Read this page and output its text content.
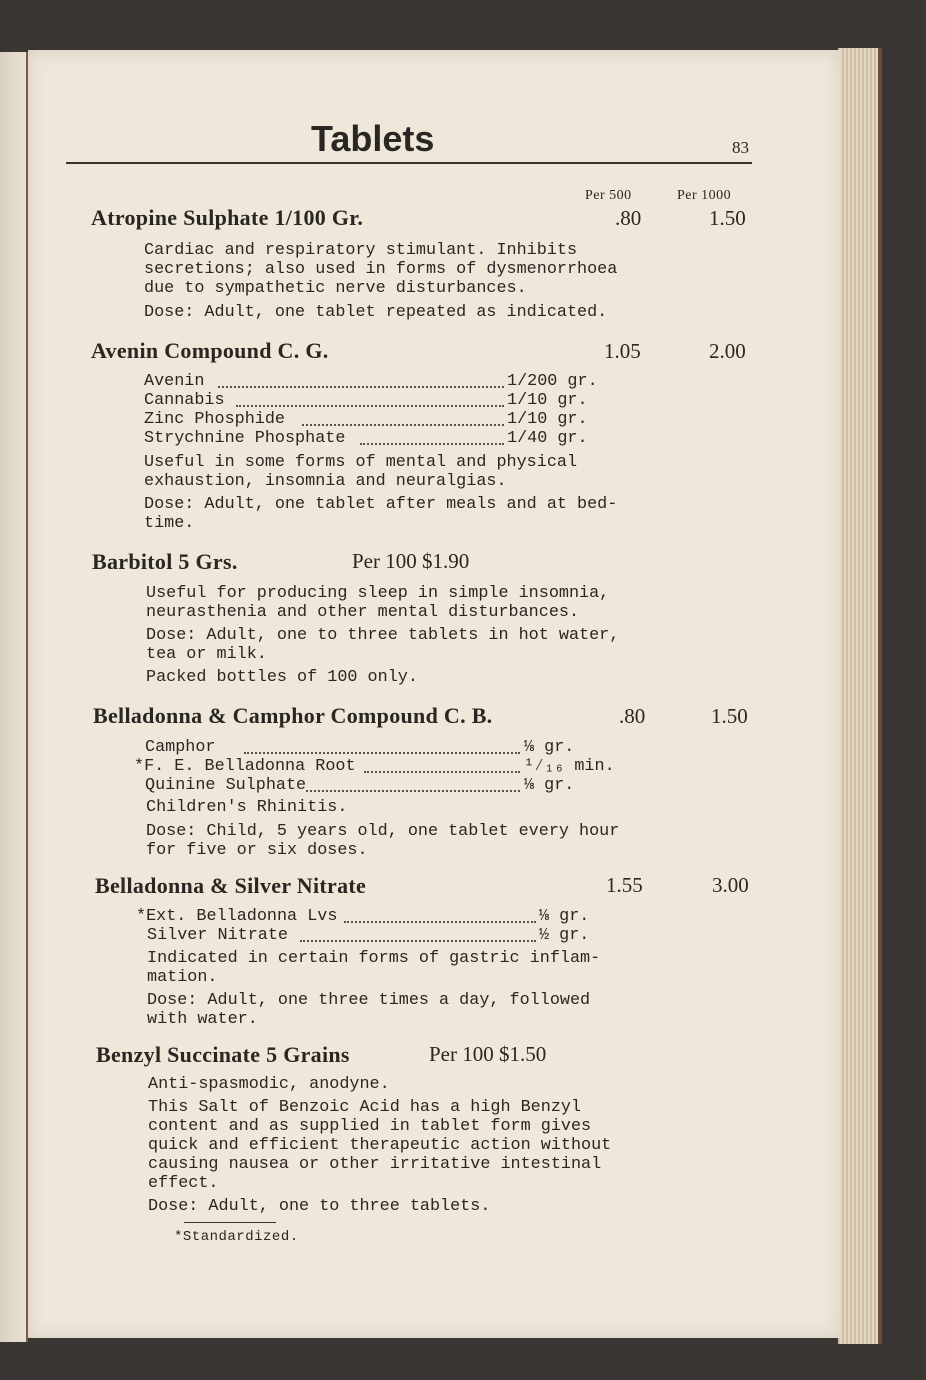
Tablets	83
Per 500	Per 1000
Atropine Sulphate 1/100 Gr.	.80	1.50
Cardiac and respiratory stimulant. Inhibits
secretions; also used in forms of dysmenorrhoea
due to sympathetic nerve disturbances.
Dose: Adult, one tablet repeated as indicated.
Avenin Compound C. G.	1.05	2.00
Avenin	1/200 gr.
Cannabis	1/10 gr.
Zinc Phosphide	1/10 gr.
Strychnine Phosphate	1/40 gr.
Useful in some forms of mental and physical
exhaustion, insomnia and neuralgias.
Dose: Adult, one tablet after meals and at bed-
time.
Barbitol 5 Grs.	Per 100 $1.90
Useful for producing sleep in simple insomnia,
neurasthenia and other mental disturbances.
Dose: Adult, one to three tablets in hot water,
tea or milk.
Packed bottles of 100 only.
Belladonna & Camphor Compound C. B.	.80	1.50
Camphor	⅛ gr.
*F. E. Belladonna Root	¹⁄₁₆ min.
Quinine Sulphate	⅛ gr.
Children's Rhinitis.
Dose: Child, 5 years old, one tablet every hour
for five or six doses.
Belladonna & Silver Nitrate	1.55	3.00
*Ext. Belladonna Lvs	⅛ gr.
Silver Nitrate	½ gr.
Indicated in certain forms of gastric inflam-
mation.
Dose: Adult, one three times a day, followed
with water.
Benzyl Succinate 5 Grains	Per 100 $1.50
Anti-spasmodic, anodyne.
This Salt of Benzoic Acid has a high Benzyl
content and as supplied in tablet form gives
quick and efficient therapeutic action without
causing nausea or other irritative intestinal
effect.
Dose: Adult, one to three tablets.
*Standardized.
